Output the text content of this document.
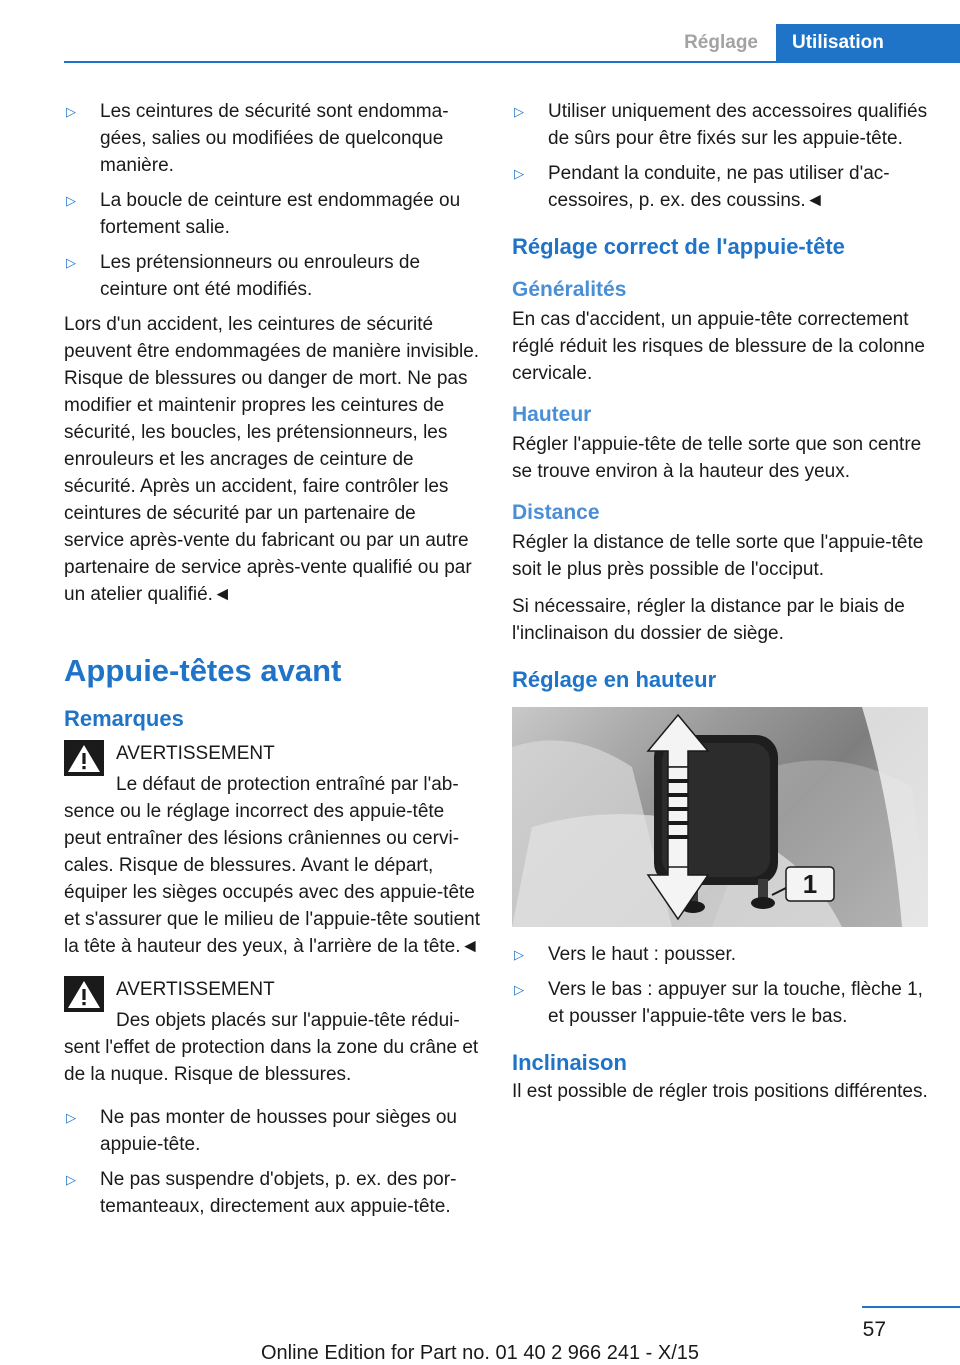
Réglage	Utilisation
▷	Les ceintures de sécurité sont endommagées, salies ou modifiées de quelconque manière.
▷	La boucle de ceinture est endommagée ou fortement salie.
▷	Les prétensionneurs ou enrouleurs de ceinture ont été modifiés.

Lors d'un accident, les ceintures de sécurité peuvent être endommagées de manière invisible. Risque de blessures ou danger de mort. Ne pas modifier et maintenir propres les ceintures de sécurité, les boucles, les prétensionneurs, les enrouleurs et les ancrages de ceinture de sécurité. Après un accident, faire contrôler les ceintures de sécurité par un partenaire de service après-vente du fabricant ou par un autre partenaire de service après-vente qualifié ou par un atelier qualifié.◄

Appuie-têtes avant
Remarques
AVERTISSEMENT

Le défaut de protection entraîné par l'absence ou le réglage incorrect des appuie-tête peut entraîner des lésions crâniennes ou cervicales. Risque de blessures. Avant le départ, équiper les sièges occupés avec des appuie-tête et s'assurer que le milieu de l'appuie-tête soutient la tête à hauteur des yeux, à l'arrière de la tête.◄

AVERTISSEMENT

Des objets placés sur l'appuie-tête réduisent l'effet de protection dans la zone du crâne et de la nuque. Risque de blessures.

▷	Ne pas monter de housses pour sièges ou appuie-tête.
▷	Ne pas suspendre d'objets, p. ex. des portemanteaux, directement aux appuie-tête.
▷	Utiliser uniquement des accessoires qualifiés de sûrs pour être fixés sur les appuie-tête.
▷	Pendant la conduite, ne pas utiliser d'accessoires, p. ex. des coussins.◄
Réglage correct de l'appuie-tête
Généralités

En cas d'accident, un appuie-tête correctement réglé réduit les risques de blessure de la colonne cervicale.

Hauteur

Régler l'appuie-tête de telle sorte que son centre se trouve environ à la hauteur des yeux.

Distance

Régler la distance de telle sorte que l'appuie-tête soit le plus près possible de l'occiput.

Si nécessaire, régler la distance par le biais de l'inclinaison du dossier de siège.

Réglage en hauteur
1
▷	Vers le haut : pousser.
▷	Vers le bas : appuyer sur la touche, flèche 1, et pousser l'appuie-tête vers le bas.
Inclinaison

Il est possible de régler trois positions différentes.

57
Online Edition for Part no. 01 40 2 966 241 - X/15
